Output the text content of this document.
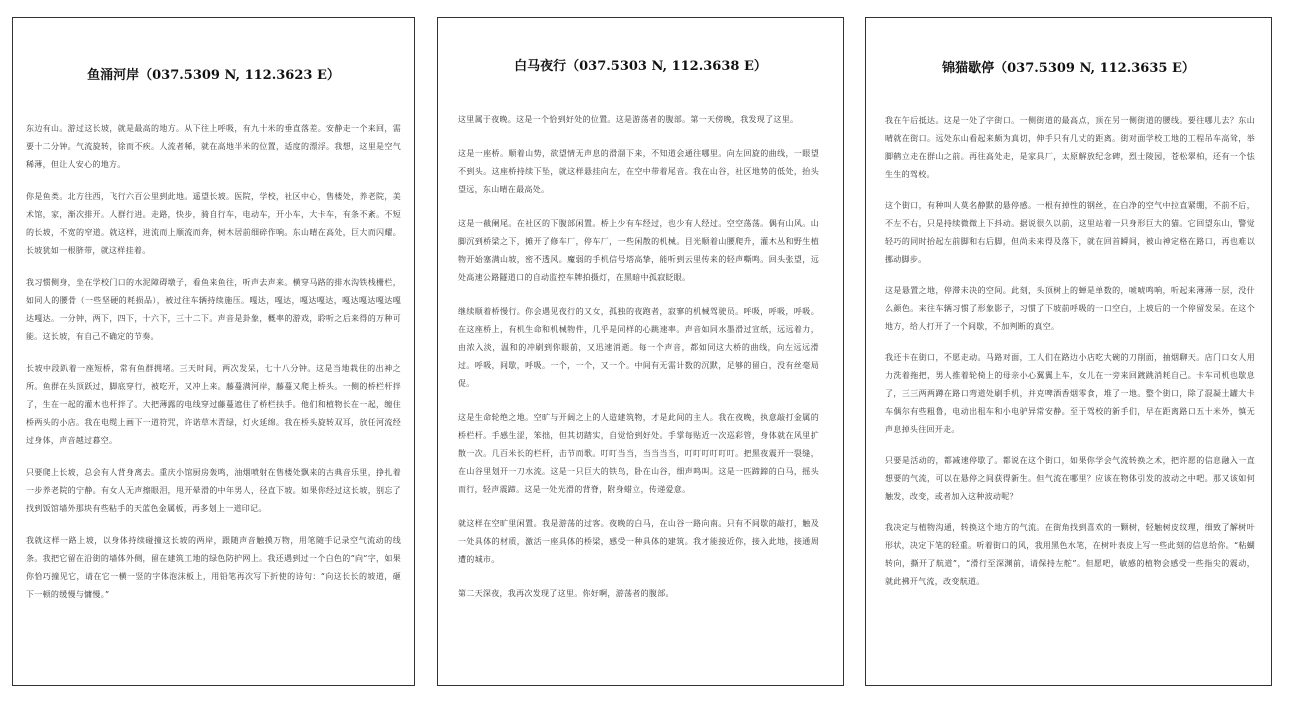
鱼涌河岸（037.5309 N, 112.3623 E）

东边有山。游过这长坡，就是最高的地方。从下往上呼吸，有九十米的垂直落差。安静走一个来回，需要十二分钟。气流旋转，徐而不疾。人流者稀，就在高地半米的位置，适度的漂浮。我想，这里是空气稀薄，但让人安心的地方。

你是鱼类。北方往西，飞行六百公里到此地。遥望长坡。医院，学校，社区中心，售楼处，养老院，美术馆，家，渐次排开。人群行进。走路，快步，骑自行车，电动车，开小车，大卡车，有条不紊。不短的长坡，不宽的窄道。就这样，进流而上顺流而奔，树木居前细碎作响。东山晴在高处，巨大而闪耀。长坡犹如一根脐带，就这样挂着。

我习惯侧身，坐在学校门口的水泥障碍墩子，看鱼来鱼往，听声去声来。横穿马路的排水沟铁栈栅栏，如同人的腰骨（一些坚硬的耗损品），被过往车辆持续施压。嘎达，嘎达，嘎达嘎达，嘎达嘎达嘎达嘎达嘎达。一分钟，两下，四下，十六下，三十二下。声音是卦象，概率的游戏，聆听之后来得的万种可能。这长坡，有自己不确定的节奏。

长坡中段趴着一座短桥，常有鱼群拥堵。三天时间，两次发呆，七十八分钟。这是当地栽住的出神之所。鱼群在头顶跃过，脚底穿行，被吃开，又冲上来。藤蔓满河岸，藤蔓又爬上桥头。一侧的桥栏杆拌了，生在一起的灌木也杆拌了。大把薄露的电线穿过藤蔓遮住了桥栏扶手。他们和植物长在一起，缠住桥两头的小店。我在电缆上画下一道符咒，许诺草木青绿，灯火延绵。我在桥头旋转双耳，放任河流经过身体，声音越过暮空。

只要爬上长坡，总会有人背身离去。重庆小馆厨房轰鸣，油烟喷射在售楼处飘来的古典音乐里，挣扎着一步养老院的宁静。有女人无声擦眼泪，甩开晕滑的中年男人，径直下坡。如果你经过这长坡，别忘了找到饭馆墙外那块有些粘手的天蓝色金属板，再多划上一道印记。

我就这样一路上坡，以身体持续碰撞这长坡的两岸，跟随声音触摸万物，用笔随手记录空气流动的线条。我把它留在沿街的墙体外侧，留在建筑工地的绿色防护网上。我还遇到过一个白色的“向”字，如果你恰巧撞见它，请在它一横一竖的字体泡沫板上，用铅笔再次写下折使的诗句：“向这长长的坡道，砸下一顿的缓慢与慵慢。”

白马夜行（037.5303 N, 112.3638 E）

这里属于夜晚。这是一个恰到好处的位置。这是游荡者的腹部。第一天傍晚，我发现了这里。

这是一座桥。顺着山势，欲望情无声息的滑溜下来，不知道会通往哪里。向左回旋的曲线，一眼望不到头。这座桥持续下坠，就这样悬挂向左，在空中带着尾音。我在山谷，社区地势的低处，抬头望远，东山晴在最高处。

这是一截阑尾。在社区的下腹部闲置。桥上少有车经过，也少有人经过。空空荡荡。偶有山风。山脚沉到桥梁之下，摊开了修车厂，停车厂，一些闲散的机械。目光顺着山腰爬升，灌木丛和野生植物开始塞满山坡，密不透风。魔弱的手机信号塔高挚，能听到云里传来的轻声嘶鸣。回头张望，远处高速公路隧道口的自动监控车牌拍摄灯，在黑暗中孤寂眨眼。

继续顺着桥慢行。你会遇见夜行的又女，孤独的夜跑者，寂寥的机械驾驶员。呼吸，呼吸，呼吸。在这座桥上，有机生命和机械物件，几乎是同样的心跳速率。声音如同水墨滑过宣纸，远远着力，由浓入淡，温和的冲刷到你眼前，又迅速消逝。每一个声音，都如同这大桥的曲线，向左远远滑过。呼吸，间歇，呼吸。一个，一个，又一个。中间有无需计数的沉默，足够的留白，没有丝毫局促。

这是生命轮绝之地。空旷与开阔之上的人造建筑物，才是此间的主人。我在夜晚，执意敲打金属的桥栏杆。手感生涩，笨拙，但其切踏实，自觉恰到好处。手掌每贴近一次巡彩管，身体就在风里扩散一次。几百米长的栏杆，击节而歌。叮叮当当，当当当当，叮叮叮叮叮叮。把黑夜震开一裂缝，在山谷里划开一刀水流。这是一只巨大的铁鸟，卧在山谷，细声鸣叫。这是一匹蹄蹄的白马，摇头而行，轻声震蹄。这是一处光滑的背脊，附身蜡立，传递爱意。

就这样在空旷里闲置。我是游荡的过客。夜晚的白马，在山谷一路向南。只有不间歇的敲打，触及一处具体的材质，激活一座具体的桥梁，感受一种具体的建筑。我才能接近你，接入此地，接通周遭的城市。

第二天深夜，我再次发现了这里。你好啊，游荡者的腹部。

锦猫歇停（037.5309 N, 112.3635 E）

我在午后抵达。这是一处了字街口。一侧街道的最高点，顶在另一侧街道的腰线。要往哪儿去？东山晴就在街口。远处东山看起来颇为真切，伸手只有几丈的距离。街对面学校工地的工程吊车高耸，举脚鹤立走在群山之前。再往高处走，是家具厂，太原解放纪念碑，烈士陵园，苍松翠柏，还有一个怯生生的驾校。

这个街口，有种叫人莫名静默的悬停感。一根有掉性的钢丝，在白净的空气中拉直紧绷，不前不后，不左不右，只是持续微微上下抖动。据说很久以前，这里站着一只身形巨大的猫。它回望东山，警觉轻巧的同时抬起左前脚和右后脚，但尚未来得及落下，就在回首瞬间，被山神定格在路口，再也难以挪动脚步。

这是悬置之地，停滞未决的空间。此刻，头顶树上的蝉是单数的，唬唬鸣响，听起来薄薄一层，没什么颜色。来往车辆习惯了形象影子，习惯了下坡前呼吸的一口空白，上坡后的一个停留发呆。在这个地方，给人打开了一个间歇，不加判断的真空。

我还卡在街口，不愿走动。马路对面，工人们在路边小店吃大碗的刀削面，抽烟聊天。店门口女人用力洗着拖把，男人推着轮椅上的母亲小心翼翼上车，女儿在一旁来回踱跳消耗自己。卡车司机也歇息了，三三两两蹲在路口弯道处刷手机，并克啤酒香烟零食，堆了一地。整个街口，除了混凝土罐大卡车偶尔有些粗鲁，电动出租车和小电驴异常安静。至于驾校的新手们，早在距离路口五十米外，慎无声息掉头往回开走。

只要是活动的，都减速停歇了。都说在这个街口，如果你学会气流转换之术，把许愿的信息融入一直想要的气流，可以在悬停之间获得新生。但气流在哪里？应该在物体引发的波动之中吧。那又该如何触发，改变，或者加入这种波动呢？

我决定与植物沟通，转换这个地方的气流。在街角找到喜欢的一颗树，轻触树皮纹理，细致了解树叶形状，决定下笔的轻重。听着街口的风，我用黑色水笔，在树叶表皮上写一些此刻的信息给你。“粘蝴转向，撕开了航道”，“滑行至深渊前，请保持左舵”。但愿吧，敏感的植物会感受一些指尖的震动，就此拂开气流，改变航道。
